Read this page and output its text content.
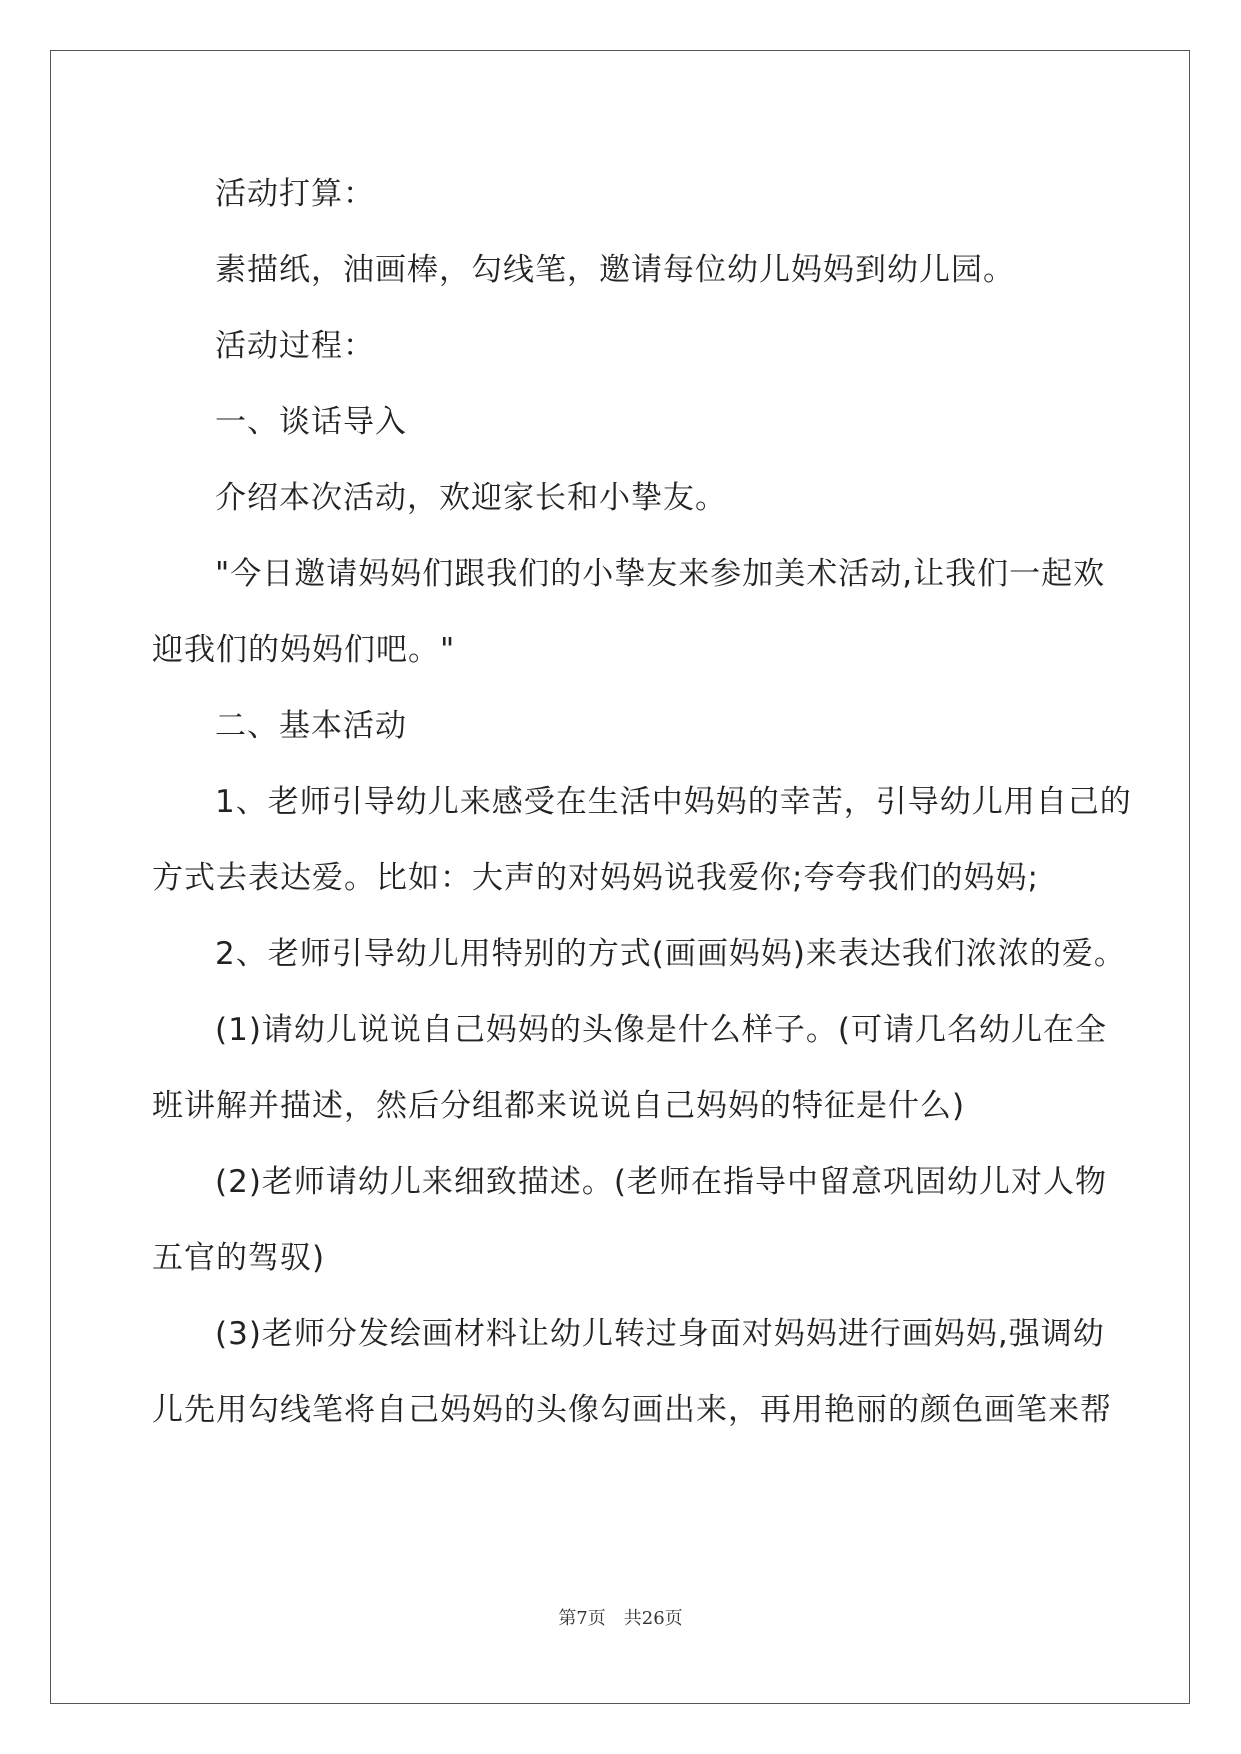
活动打算：
素描纸，油画棒，勾线笔，邀请每位幼儿妈妈到幼儿园。
活动过程：
一、谈话导入
介绍本次活动，欢迎家长和小挚友。
"今日邀请妈妈们跟我们的小挚友来参加美术活动,让我们一起欢
迎我们的妈妈们吧。"
二、基本活动
1、老师引导幼儿来感受在生活中妈妈的幸苦，引导幼儿用自己的
方式去表达爱。比如：大声的对妈妈说我爱你;夸夸我们的妈妈;
2、老师引导幼儿用特别的方式(画画妈妈)来表达我们浓浓的爱。
(1)请幼儿说说自己妈妈的头像是什么样子。(可请几名幼儿在全
班讲解并描述，然后分组都来说说自己妈妈的特征是什么)
(2)老师请幼儿来细致描述。(老师在指导中留意巩固幼儿对人物
五官的驾驭)
(3)老师分发绘画材料让幼儿转过身面对妈妈进行画妈妈,强调幼
儿先用勾线笔将自己妈妈的头像勾画出来，再用艳丽的颜色画笔来帮
第7页 共26页
